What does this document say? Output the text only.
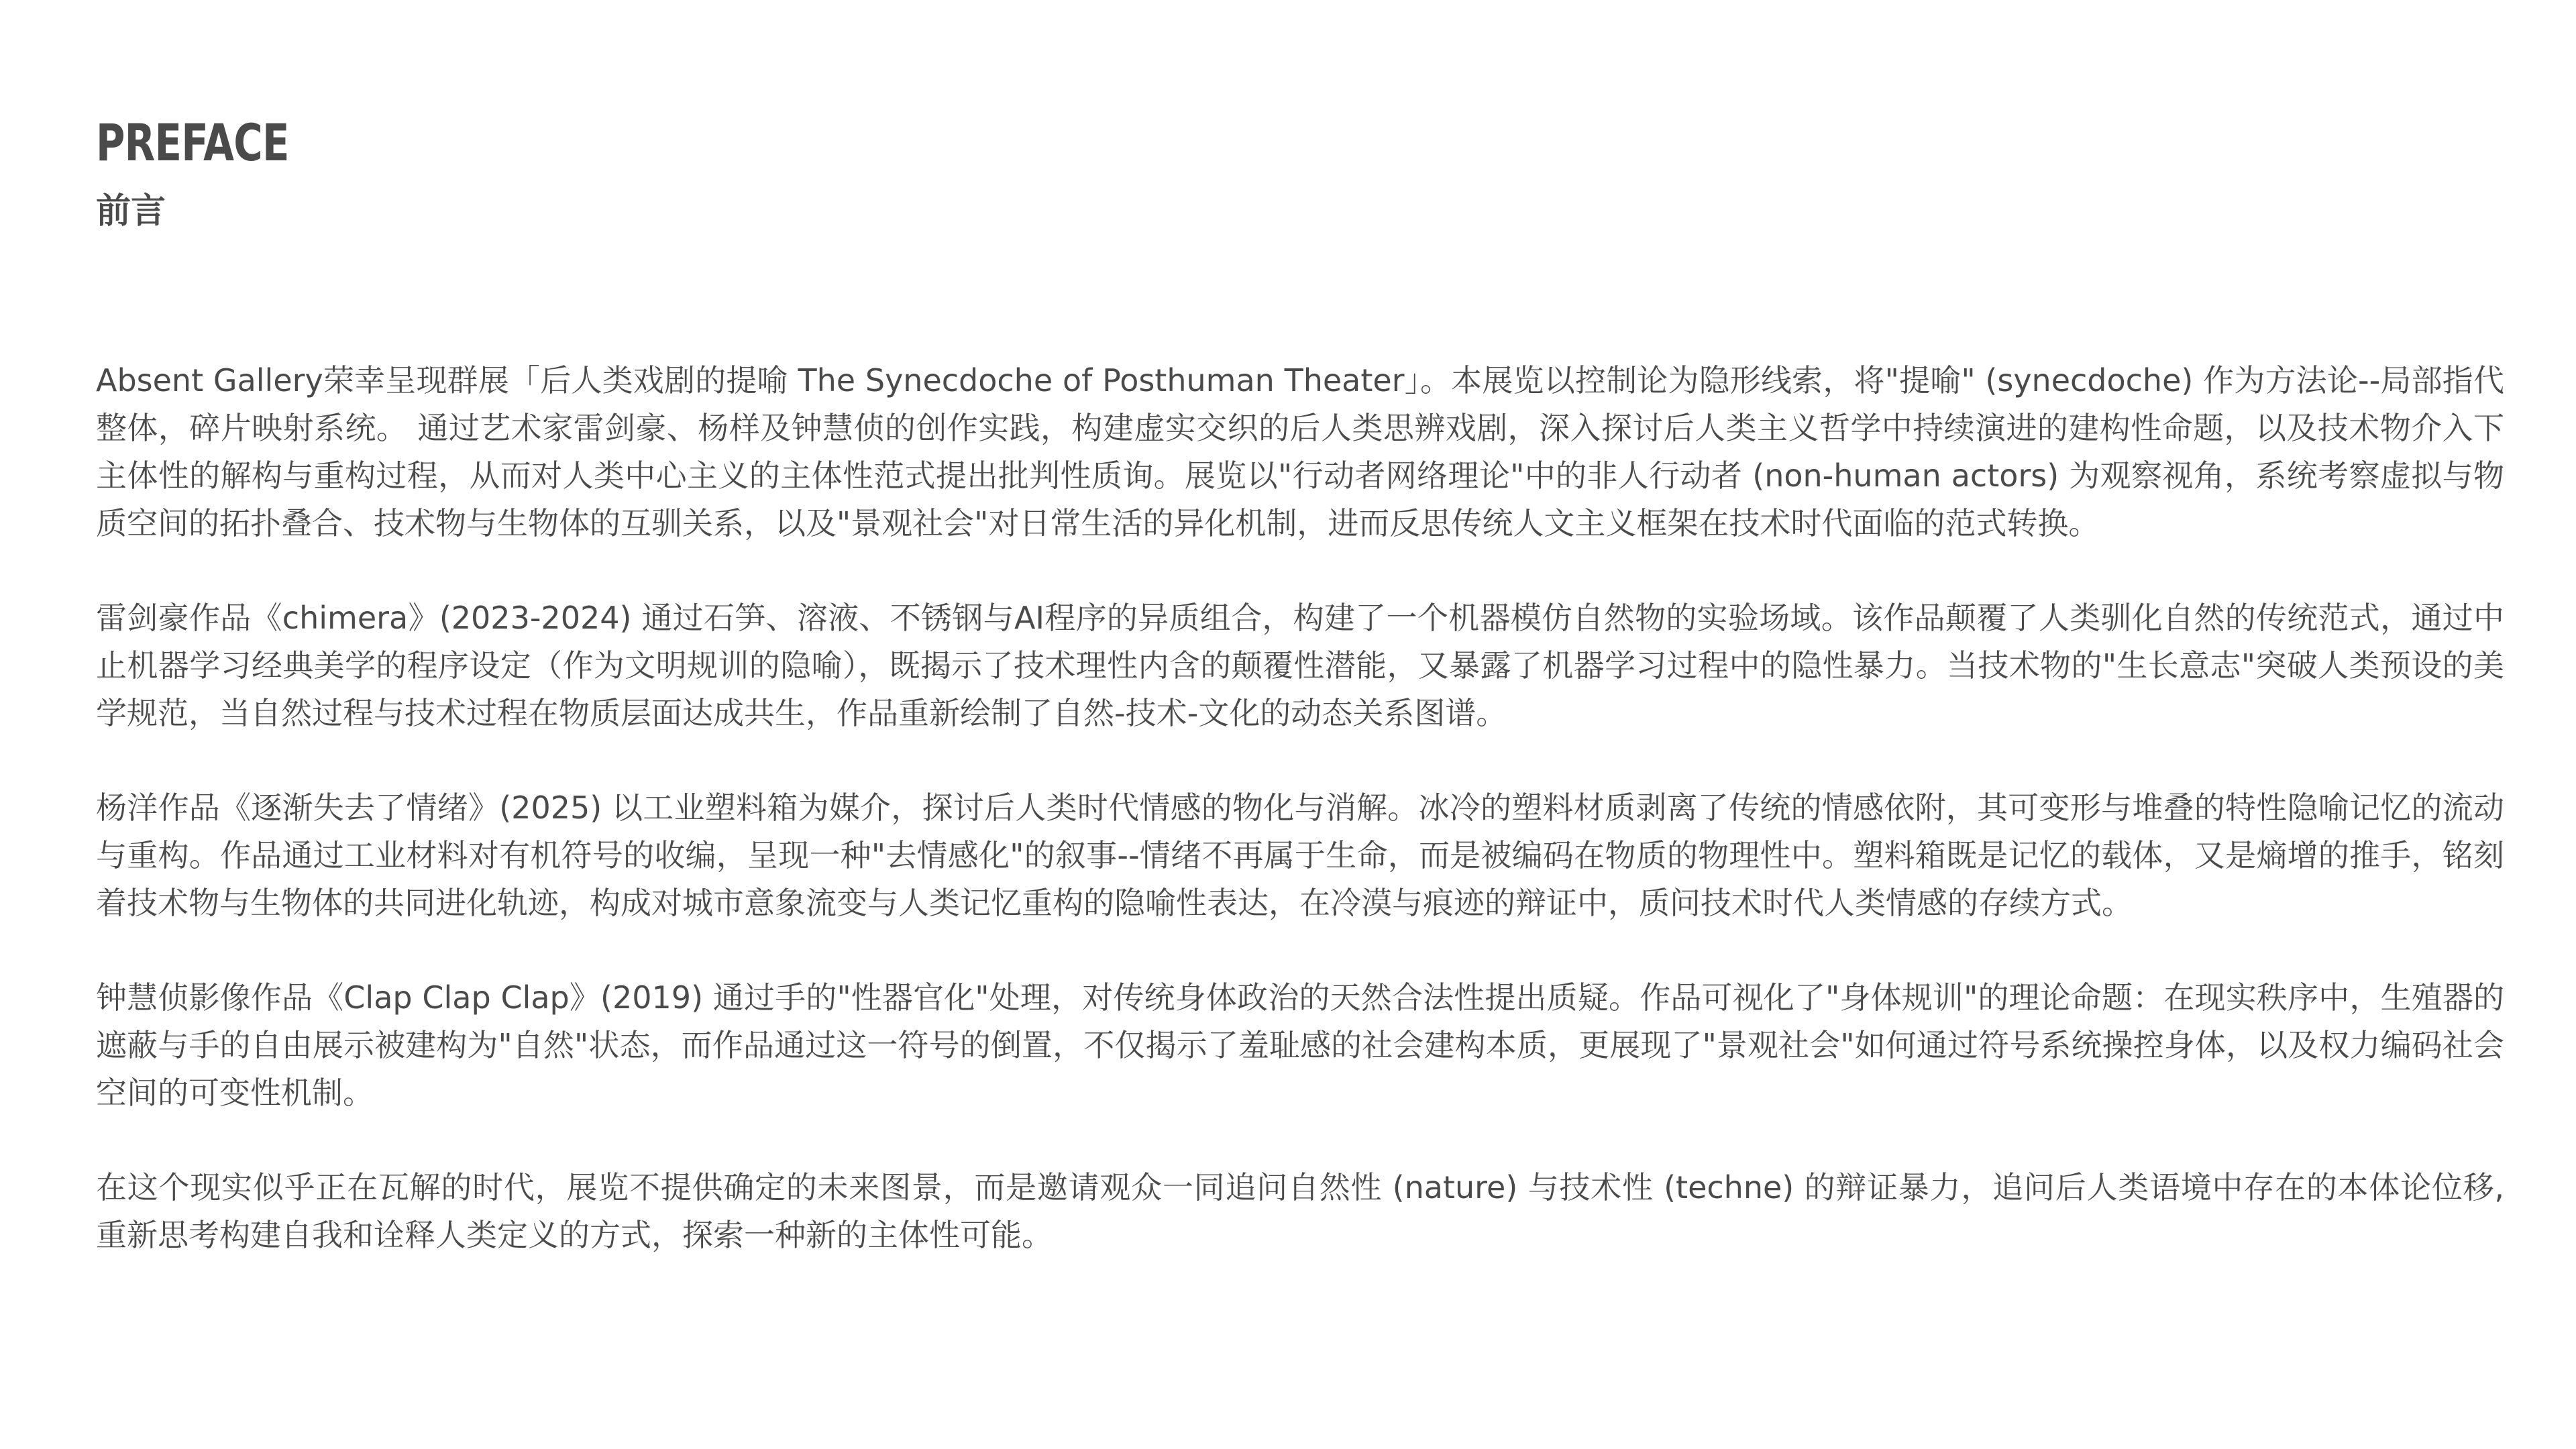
PREFACE
前言

Absent Gallery荣幸呈现群展「后人类戏剧的提喻 The Synecdoche of Posthuman Theater」。本展览以控制论为隐形线索，将"提喻" (synecdoche) 作为方法论--局部指代整体，碎片映射系统。 通过艺术家雷剑豪、杨样及钟慧侦的创作实践，构建虚实交织的后人类思辨戏剧，深入探讨后人类主义哲学中持续演进的建构性命题，以及技术物介入下主体性的解构与重构过程，从而对人类中心主义的主体性范式提出批判性质询。展览以"行动者网络理论"中的非人行动者 (non-human actors) 为观察视角，系统考察虚拟与物质空间的拓扑叠合、技术物与生物体的互驯关系，以及"景观社会"对日常生活的异化机制，进而反思传统人文主义框架在技术时代面临的范式转换。

雷剑豪作品《chimera》(2023-2024) 通过石笋、溶液、不锈钢与AI程序的异质组合，构建了一个机器模仿自然物的实验场域。该作品颠覆了人类驯化自然的传统范式，通过中止机器学习经典美学的程序设定（作为文明规训的隐喻），既揭示了技术理性内含的颠覆性潜能，又暴露了机器学习过程中的隐性暴力。当技术物的"生长意志"突破人类预设的美学规范，当自然过程与技术过程在物质层面达成共生，作品重新绘制了自然-技术-文化的动态关系图谱。

杨洋作品《逐渐失去了情绪》(2025) 以工业塑料箱为媒介，探讨后人类时代情感的物化与消解。冰冷的塑料材质剥离了传统的情感依附，其可变形与堆叠的特性隐喻记忆的流动与重构。作品通过工业材料对有机符号的收编，呈现一种"去情感化"的叙事--情绪不再属于生命，而是被编码在物质的物理性中。塑料箱既是记忆的载体，又是熵增的推手，铭刻着技术物与生物体的共同进化轨迹，构成对城市意象流变与人类记忆重构的隐喻性表达，在冷漠与痕迹的辩证中，质问技术时代人类情感的存续方式。

钟慧侦影像作品《Clap Clap Clap》(2019) 通过手的"性器官化"处理，对传统身体政治的天然合法性提出质疑。作品可视化了"身体规训"的理论命题：在现实秩序中，生殖器的遮蔽与手的自由展示被建构为"自然"状态，而作品通过这一符号的倒置，不仅揭示了羞耻感的社会建构本质，更展现了"景观社会"如何通过符号系统操控身体，以及权力编码社会空间的可变性机制。

在这个现实似乎正在瓦解的时代，展览不提供确定的未来图景，而是邀请观众一同追问自然性 (nature) 与技术性 (techne) 的辩证暴力，追问后人类语境中存在的本体论位移, 重新思考构建自我和诠释人类定义的方式，探索一种新的主体性可能。
